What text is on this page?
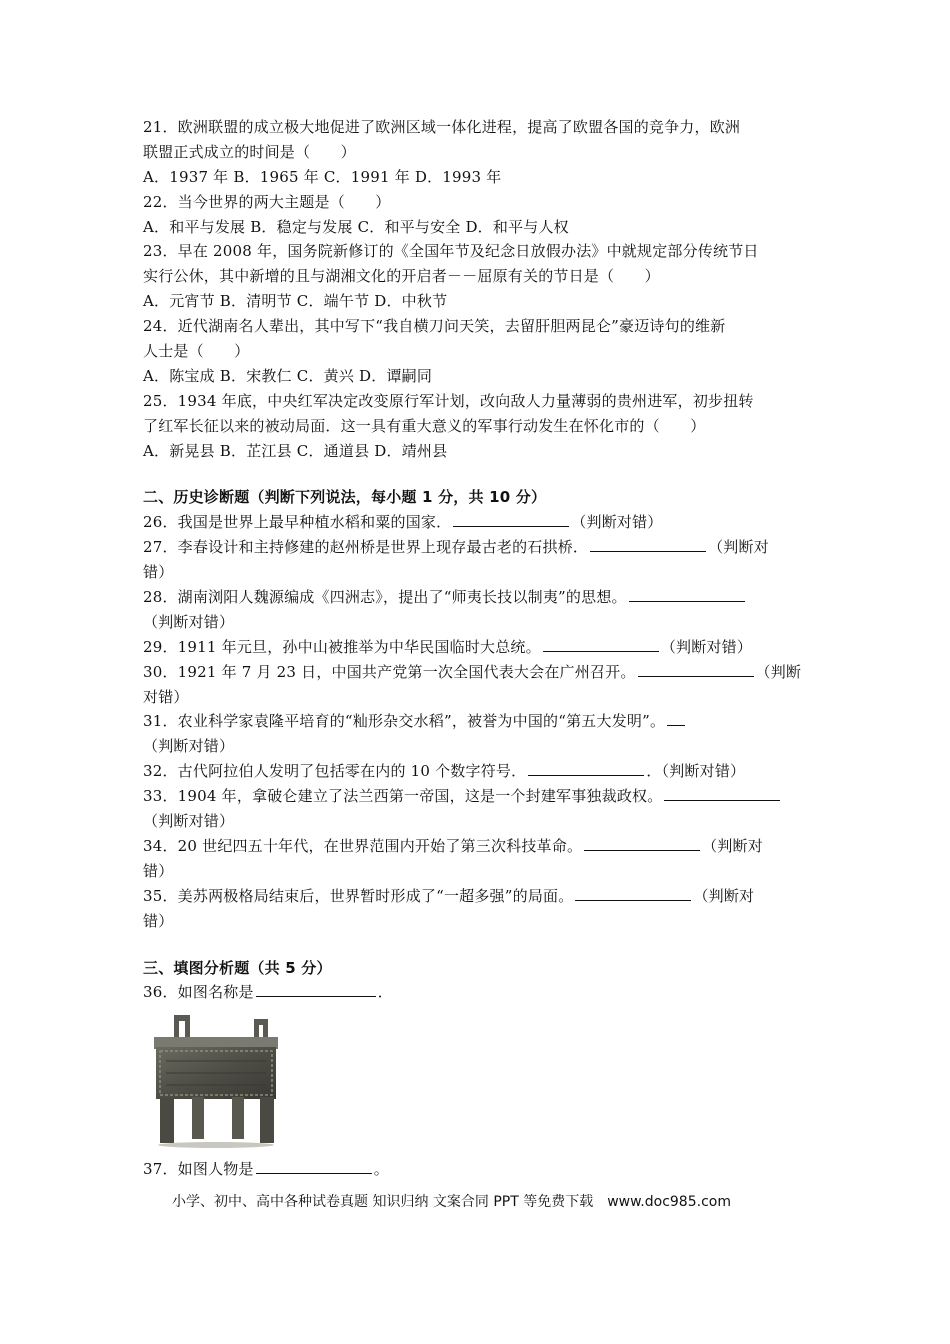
21．欧洲联盟的成立极大地促进了欧洲区域一体化进程，提高了欧盟各国的竞争力，欧洲
联盟正式成立的时间是（　　）
A．1937 年 B．1965 年 C．1991 年 D．1993 年
22．当今世界的两大主题是（　　）
A．和平与发展 B．稳定与发展 C．和平与安全 D．和平与人权
23．早在 2008 年，国务院新修订的《全国年节及纪念日放假办法》中就规定部分传统节日
实行公休，其中新增的且与湖湘文化的开启者－－屈原有关的节日是（　　）
A．元宵节 B．清明节 C．端午节 D．中秋节
24．近代湖南名人辈出，其中写下“我自横刀问天笑，去留肝胆两昆仑”豪迈诗句的维新
人士是（　　）
A．陈宝成 B．宋教仁 C．黄兴 D．谭嗣同
25．1934 年底，中央红军决定改变原行军计划，改向敌人力量薄弱的贵州进军，初步扭转
了红军长征以来的被动局面．这一具有重大意义的军事行动发生在怀化市的（　　）
A．新晃县 B．芷江县 C．通道县 D．靖州县
二、历史诊断题（判断下列说法，每小题 1 分，共 10 分）
26．我国是世界上最早种植水稻和粟的国家．	（判断对错）
27．李春设计和主持修建的赵州桥是世界上现存最古老的石拱桥．	（判断对
错）
28．湖南浏阳人魏源编成《四洲志》，提出了“师夷长技以制夷”的思想。
（判断对错）
29．1911 年元旦，孙中山被推举为中华民国临时大总统。	（判断对错）
30．1921 年 7 月 23 日，中国共产党第一次全国代表大会在广州召开。	（判断
对错）
31．农业科学家袁隆平培育的“籼形杂交水稻”，被誉为中国的“第五大发明”。
（判断对错）
32．古代阿拉伯人发明了包括零在内的 10 个数字符号．	．（判断对错）
33．1904 年，拿破仑建立了法兰西第一帝国，这是一个封建军事独裁政权。
（判断对错）
34．20 世纪四五十年代，在世界范围内开始了第三次科技革命。	（判断对
错）
35．美苏两极格局结束后，世界暂时形成了“一超多强”的局面。	（判断对
错）
三、填图分析题（共 5 分）
36．如图名称是	．
37．如图人物是	。
小学、初中、高中各种试卷真题 知识归纳 文案合同 PPT 等免费下载　www.doc985.com
